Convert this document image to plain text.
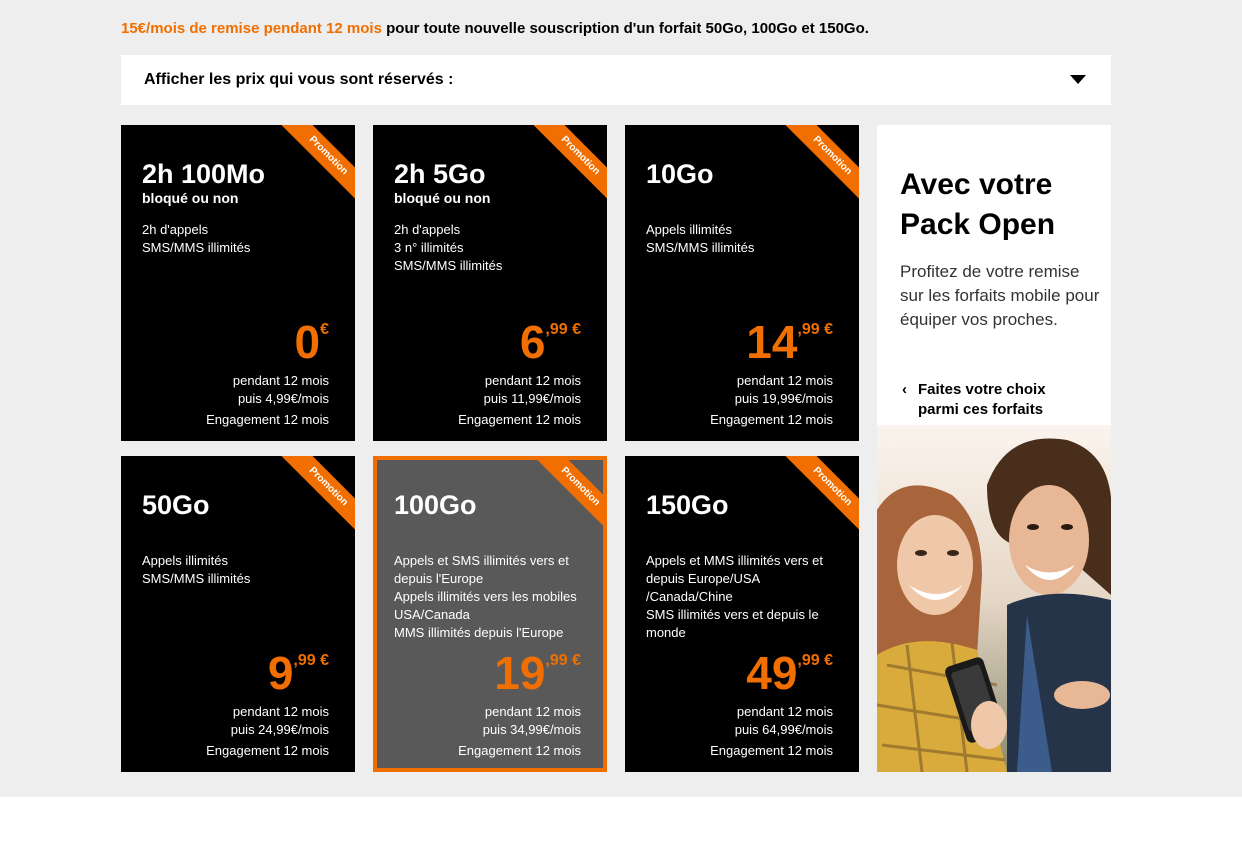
15€/mois de remise pendant 12 mois pour toute nouvelle souscription d'un forfait 50Go, 100Go et 150Go.
Afficher les prix qui vous sont réservés :
Promotion
2h 100Mo
bloqué ou non
2h d'appels
SMS/MMS illimités
0€
pendant 12 mois
puis 4,99€/mois
Engagement 12 mois
Promotion
2h 5Go
bloqué ou non
2h d'appels
3 n° illimités
SMS/MMS illimités
6,99 €
pendant 12 mois
puis 11,99€/mois
Engagement 12 mois
Promotion
10Go
Appels illimités
SMS/MMS illimités
14,99 €
pendant 12 mois
puis 19,99€/mois
Engagement 12 mois
Promotion
50Go
Appels illimités
SMS/MMS illimités
9,99 €
pendant 12 mois
puis 24,99€/mois
Engagement 12 mois
Promotion
100Go
Appels et SMS illimités vers et depuis l'Europe
Appels illimités vers les mobiles USA/Canada
MMS illimités depuis l'Europe
19,99 €
pendant 12 mois
puis 34,99€/mois
Engagement 12 mois
Promotion
150Go
Appels et MMS illimités vers et depuis Europe/USA /Canada/Chine
SMS illimités vers et depuis le monde
49,99 €
pendant 12 mois
puis 64,99€/mois
Engagement 12 mois
Avec votre Pack Open
Profitez de votre remise sur les forfaits mobile pour équiper vos proches.
‹ Faites votre choix
parmi ces forfaits
